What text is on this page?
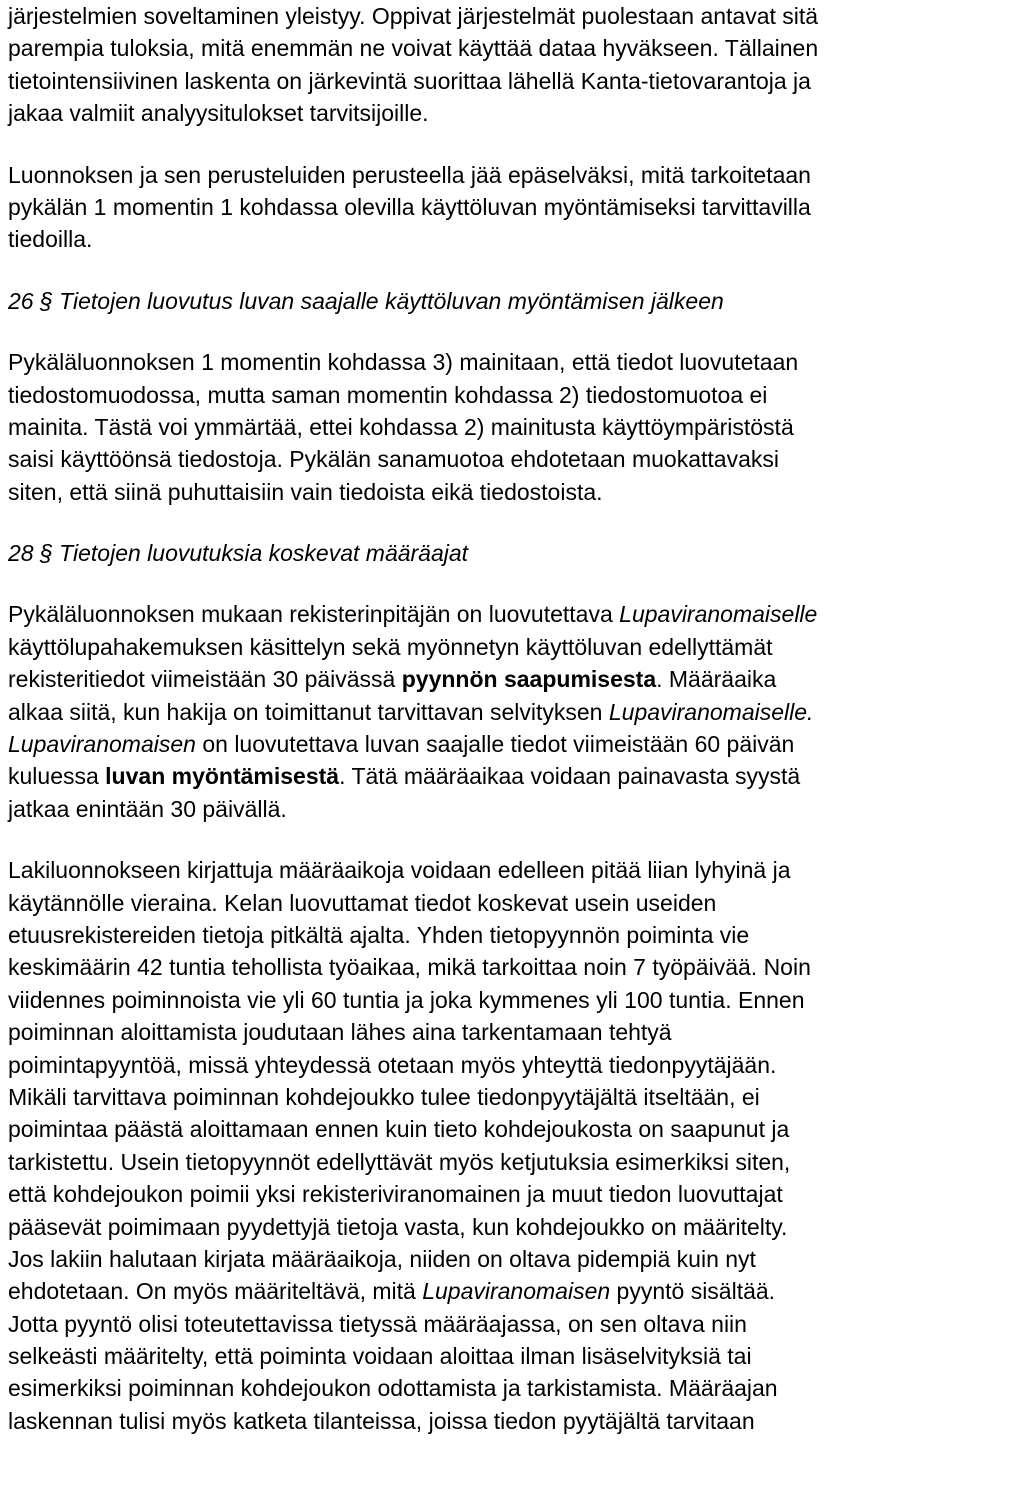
järjestelmien soveltaminen yleistyy. Oppivat järjestelmät puolestaan antavat sitä
parempia tuloksia, mitä enemmän ne voivat käyttää dataa hyväkseen. Tällainen
tietointensiivinen laskenta on järkevintä suorittaa lähellä Kanta-tietovarantoja ja
jakaa valmiit analyysitulokset tarvitsijoille.
Luonnoksen ja sen perusteluiden perusteella jää epäselväksi, mitä tarkoitetaan
pykälän 1 momentin 1 kohdassa olevilla käyttöluvan myöntämiseksi tarvittavilla
tiedoilla.
26 § Tietojen luovutus luvan saajalle käyttöluvan myöntämisen jälkeen
Pykäläluonnoksen 1 momentin kohdassa 3) mainitaan, että tiedot luovutetaan
tiedostomuodossa, mutta saman momentin kohdassa 2) tiedostomuotoa ei
mainita. Tästä voi ymmärtää, ettei kohdassa 2) mainitusta käyttöympäristöstä
saisi käyttöönsä tiedostoja. Pykälän sanamuotoa ehdotetaan muokattavaksi
siten, että siinä puhuttaisiin vain tiedoista eikä tiedostoista.
28 § Tietojen luovutuksia koskevat määräajat
Pykäläluonnoksen mukaan rekisterinpitäjän on luovutettava Lupaviranomaiselle
käyttölupahakemuksen käsittelyn sekä myönnetyn käyttöluvan edellyttämät
rekisteritiedot viimeistään 30 päivässä pyynnön saapumisesta. Määräaika
alkaa siitä, kun hakija on toimittanut tarvittavan selvityksen Lupaviranomaiselle.
Lupaviranomaisen on luovutettava luvan saajalle tiedot viimeistään 60 päivän
kuluessa luvan myöntämisestä. Tätä määräaikaa voidaan painavasta syystä
jatkaa enintään 30 päivällä.
Lakiluonnokseen kirjattuja määräaikoja voidaan edelleen pitää liian lyhyinä ja
käytännölle vieraina. Kelan luovuttamat tiedot koskevat usein useiden
etuusrekistereiden tietoja pitkältä ajalta. Yhden tietopyynnön poiminta vie
keskimäärin 42 tuntia tehollista työaikaa, mikä tarkoittaa noin 7 työpäivää. Noin
viidennes poiminnoista vie yli 60 tuntia ja joka kymmenes yli 100 tuntia. Ennen
poiminnan aloittamista joudutaan lähes aina tarkentamaan tehtyä
poimintapyyntöä, missä yhteydessä otetaan myös yhteyttä tiedonpyytäjään.
Mikäli tarvittava poiminnan kohdejoukko tulee tiedonpyytäjältä itseltään, ei
poimintaa päästä aloittamaan ennen kuin tieto kohdejoukosta on saapunut ja
tarkistettu. Usein tietopyynnöt edellyttävät myös ketjutuksia esimerkiksi siten,
että kohdejoukon poimii yksi rekisteriviranomainen ja muut tiedon luovuttajat
pääsevät poimimaan pyydettyjä tietoja vasta, kun kohdejoukko on määritelty.
Jos lakiin halutaan kirjata määräaikoja, niiden on oltava pidempiä kuin nyt
ehdotetaan. On myös määriteltävä, mitä Lupaviranomaisen pyyntö sisältää.
Jotta pyyntö olisi toteutettavissa tietyssä määräajassa, on sen oltava niin
selkeästi määritelty, että poiminta voidaan aloittaa ilman lisäselvityksiä tai
esimerkiksi poiminnan kohdejoukon odottamista ja tarkistamista. Määräajan
laskennan tulisi myös katketa tilanteissa, joissa tiedon pyytäjältä tarvitaan
